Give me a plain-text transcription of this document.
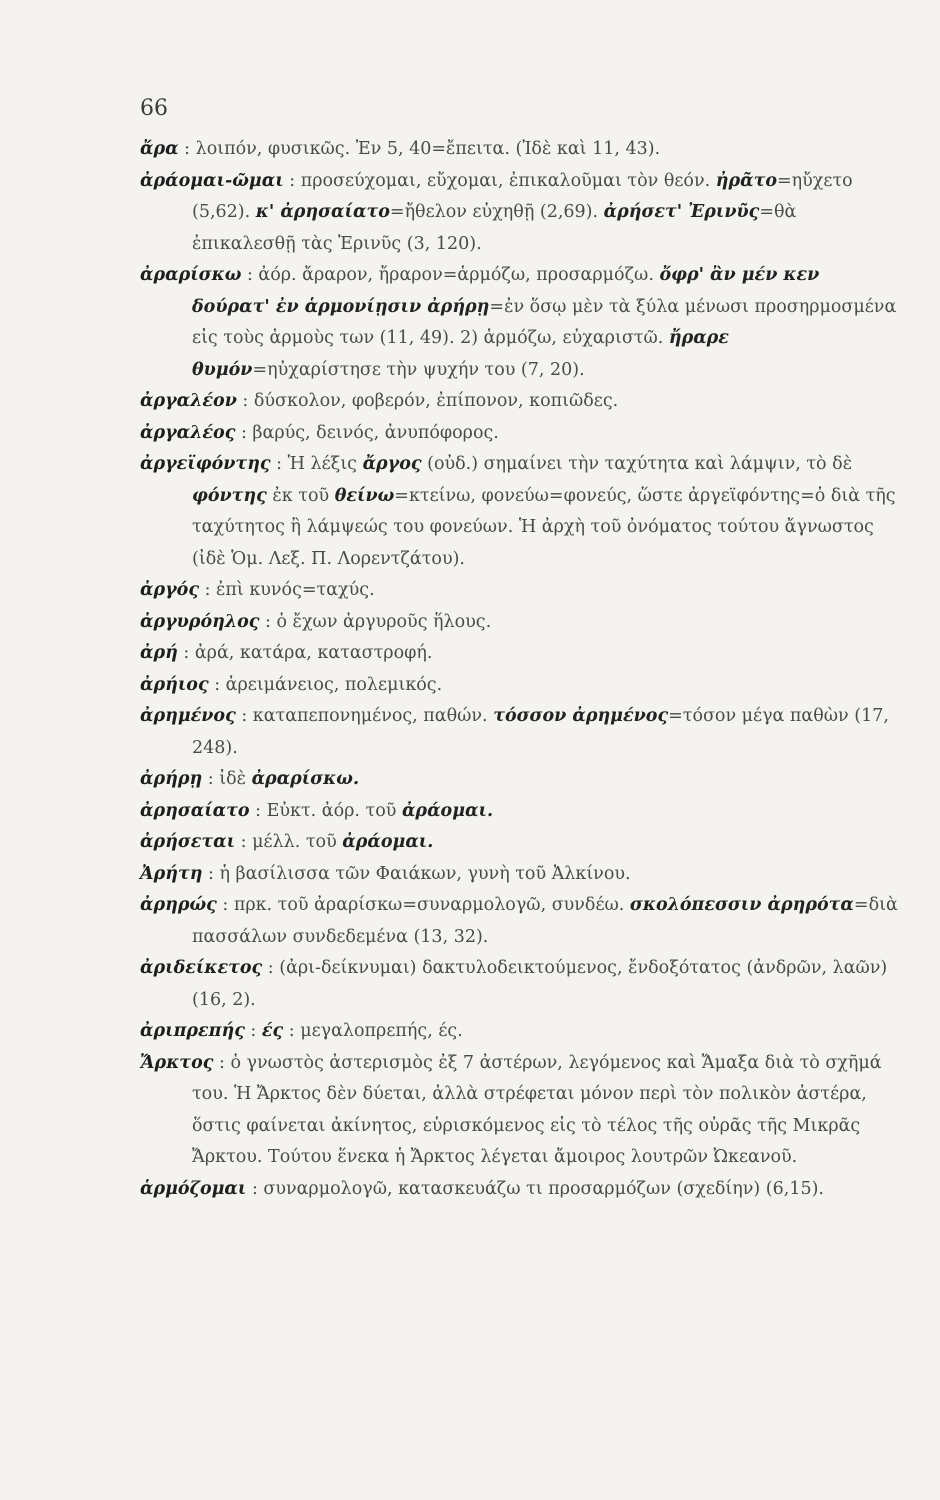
66

ἄρα : λοιπόν, φυσικῶς. Ἐν 5, 40=ἔπειτα. (Ἰδὲ καὶ 11, 43).

ἀράομαι-ῶμαι : προσεύχομαι, εὔχομαι, ἐπικαλοῦμαι τὸν θεόν. ἠρᾶτο=ηὔχετο (5,62). κ' ἀρησαίατο=ἤθελον εὐχηθῇ (2,69). ἀρήσετ' Ἐρινῦς=θὰ ἐπικαλεσθῇ τὰς Ἐρινῦς (3, 120).

ἀραρίσκω : ἀόρ. ἄραρον, ἤραρον=ἁρμόζω, προσαρμόζω. ὄφρ' ἂν μέν κεν δούρατ' ἐν ἁρμονίῃσιν ἀρήρῃ=ἐν ὅσῳ μὲν τὰ ξύλα μένωσι προσηρμοσμένα εἰς τοὺς ἁρμοὺς των (11, 49). 2) ἁρμόζω, εὐχαριστῶ. ἤραρε θυμόν=ηὐχαρίστησε τὴν ψυχήν του (7, 20).

ἀργαλέον : δύσκολον, φοβερόν, ἐπίπονον, κοπιῶδες.

ἀργαλέος : βαρύς, δεινός, ἀνυπόφορος.

ἀργεϊφόντης : Ἡ λέξις ἄργος (οὐδ.) σημαίνει τὴν ταχύτητα καὶ λάμψιν, τὸ δὲ φόντης ἐκ τοῦ θείνω=κτείνω, φονεύω=φονεύς, ὥστε ἀργεϊφόντης=ὁ διὰ τῆς ταχύτητος ἢ λάμψεώς του φονεύων. Ἡ ἀρχὴ τοῦ ὀνόματος τούτου ἄγνωστος (ἰδὲ Ὁμ. Λεξ. Π. Λορεντζάτου).

ἀργός : ἐπὶ κυνός=ταχύς.

ἀργυρόηλος : ὁ ἔχων ἀργυροῦς ἥλους.

ἀρή : ἀρά, κατάρα, καταστροφή.

ἀρήιος : ἀρειμάνειος, πολεμικός.

ἀρημένος : καταπεπονημένος, παθών. τόσσον ἀρημένος=τόσον μέγα παθὼν (17, 248).

ἀρήρῃ : ἰδὲ ἀραρίσκω.

ἀρησαίατο : Εὐκτ. ἀόρ. τοῦ ἀράομαι.

ἀρήσεται : μέλλ. τοῦ ἀράομαι.

Ἀρήτη : ἡ βασίλισσα τῶν Φαιάκων, γυνὴ τοῦ Ἀλκίνου.

ἀρηρώς : πρκ. τοῦ ἀραρίσκω=συναρμολογῶ, συνδέω. σκολόπεσσιν ἀρηρότα=διὰ πασσάλων συνδεδεμένα (13, 32).

ἀριδείκετος : (ἀρι-δείκνυμαι) δακτυλοδεικτούμενος, ἔνδοξότατος (ἀνδρῶν, λαῶν) (16, 2).

ἀριπρεπής : ές : μεγαλοπρεπής, ές.

Ἄρκτος : ὁ γνωστὸς ἀστερισμὸς ἐξ 7 ἀστέρων, λεγόμενος καὶ Ἄμαξα διὰ τὸ σχῆμά του. Ἡ Ἄρκτος δὲν δύεται, ἀλλὰ στρέφεται μόνον περὶ τὸν πολικὸν ἀστέρα, ὅστις φαίνεται ἀκίνητος, εὑρισκόμενος εἰς τὸ τέλος τῆς οὐρᾶς τῆς Μικρᾶς Ἄρκτου. Τούτου ἕνεκα ἡ Ἄρκτος λέγεται ἄμοιρος λουτρῶν Ὠκεανοῦ.

ἁρμόζομαι : συναρμολογῶ, κατασκευάζω τι προσαρμόζων (σχεδίην) (6,15).
